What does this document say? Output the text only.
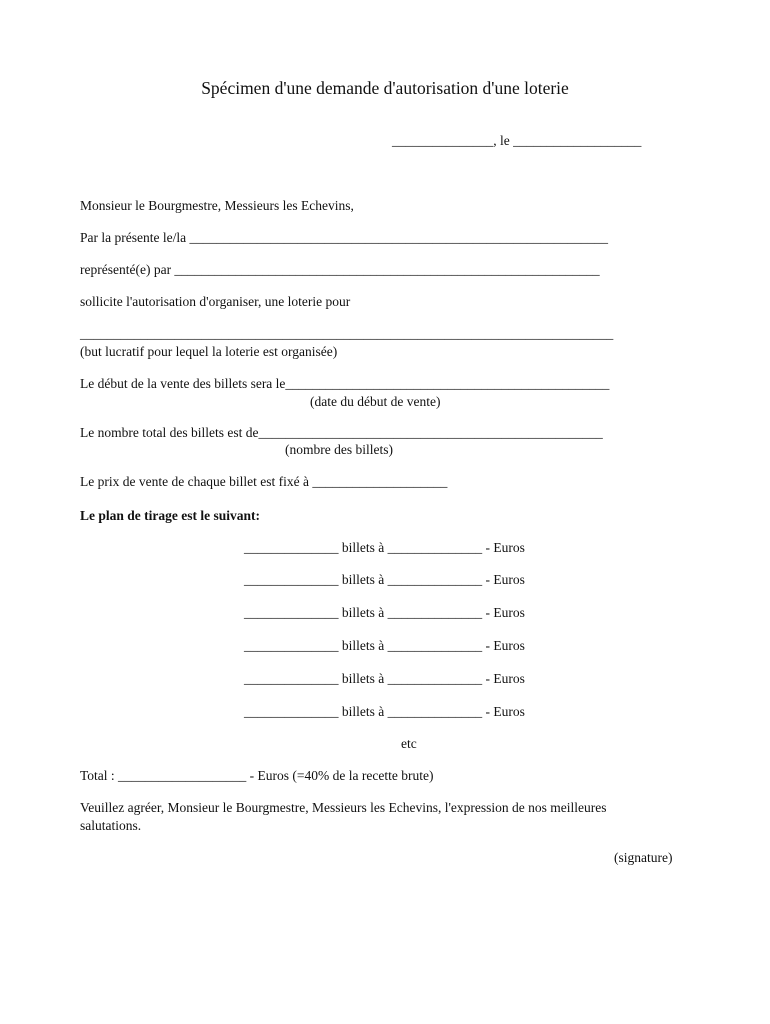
Spécimen d'une demande d'autorisation d'une loterie
_______________, le ___________________
Monsieur le Bourgmestre, Messieurs les Echevins,
Par la présente le/la ______________________________________________________________
représenté(e) par _______________________________________________________________
sollicite l'autorisation d'organiser, une loterie pour
_______________________________________________________________________________
(but lucratif pour lequel la loterie est organisée)
Le début de la vente des billets sera le________________________________________________
(date du début de vente)
Le nombre total des billets est de___________________________________________________
(nombre des billets)
Le prix de vente de chaque billet est fixé à ____________________
Le plan de tirage est le suivant:
______________ billets à ______________ - Euros
______________ billets à ______________ - Euros
______________ billets à ______________ - Euros
______________ billets à ______________ - Euros
______________ billets à ______________ - Euros
______________ billets à ______________ - Euros
etc
Total : ___________________ - Euros (=40% de la recette brute)
Veuillez agréer, Monsieur le Bourgmestre, Messieurs les Echevins, l'expression de nos meilleures
salutations.
(signature)
